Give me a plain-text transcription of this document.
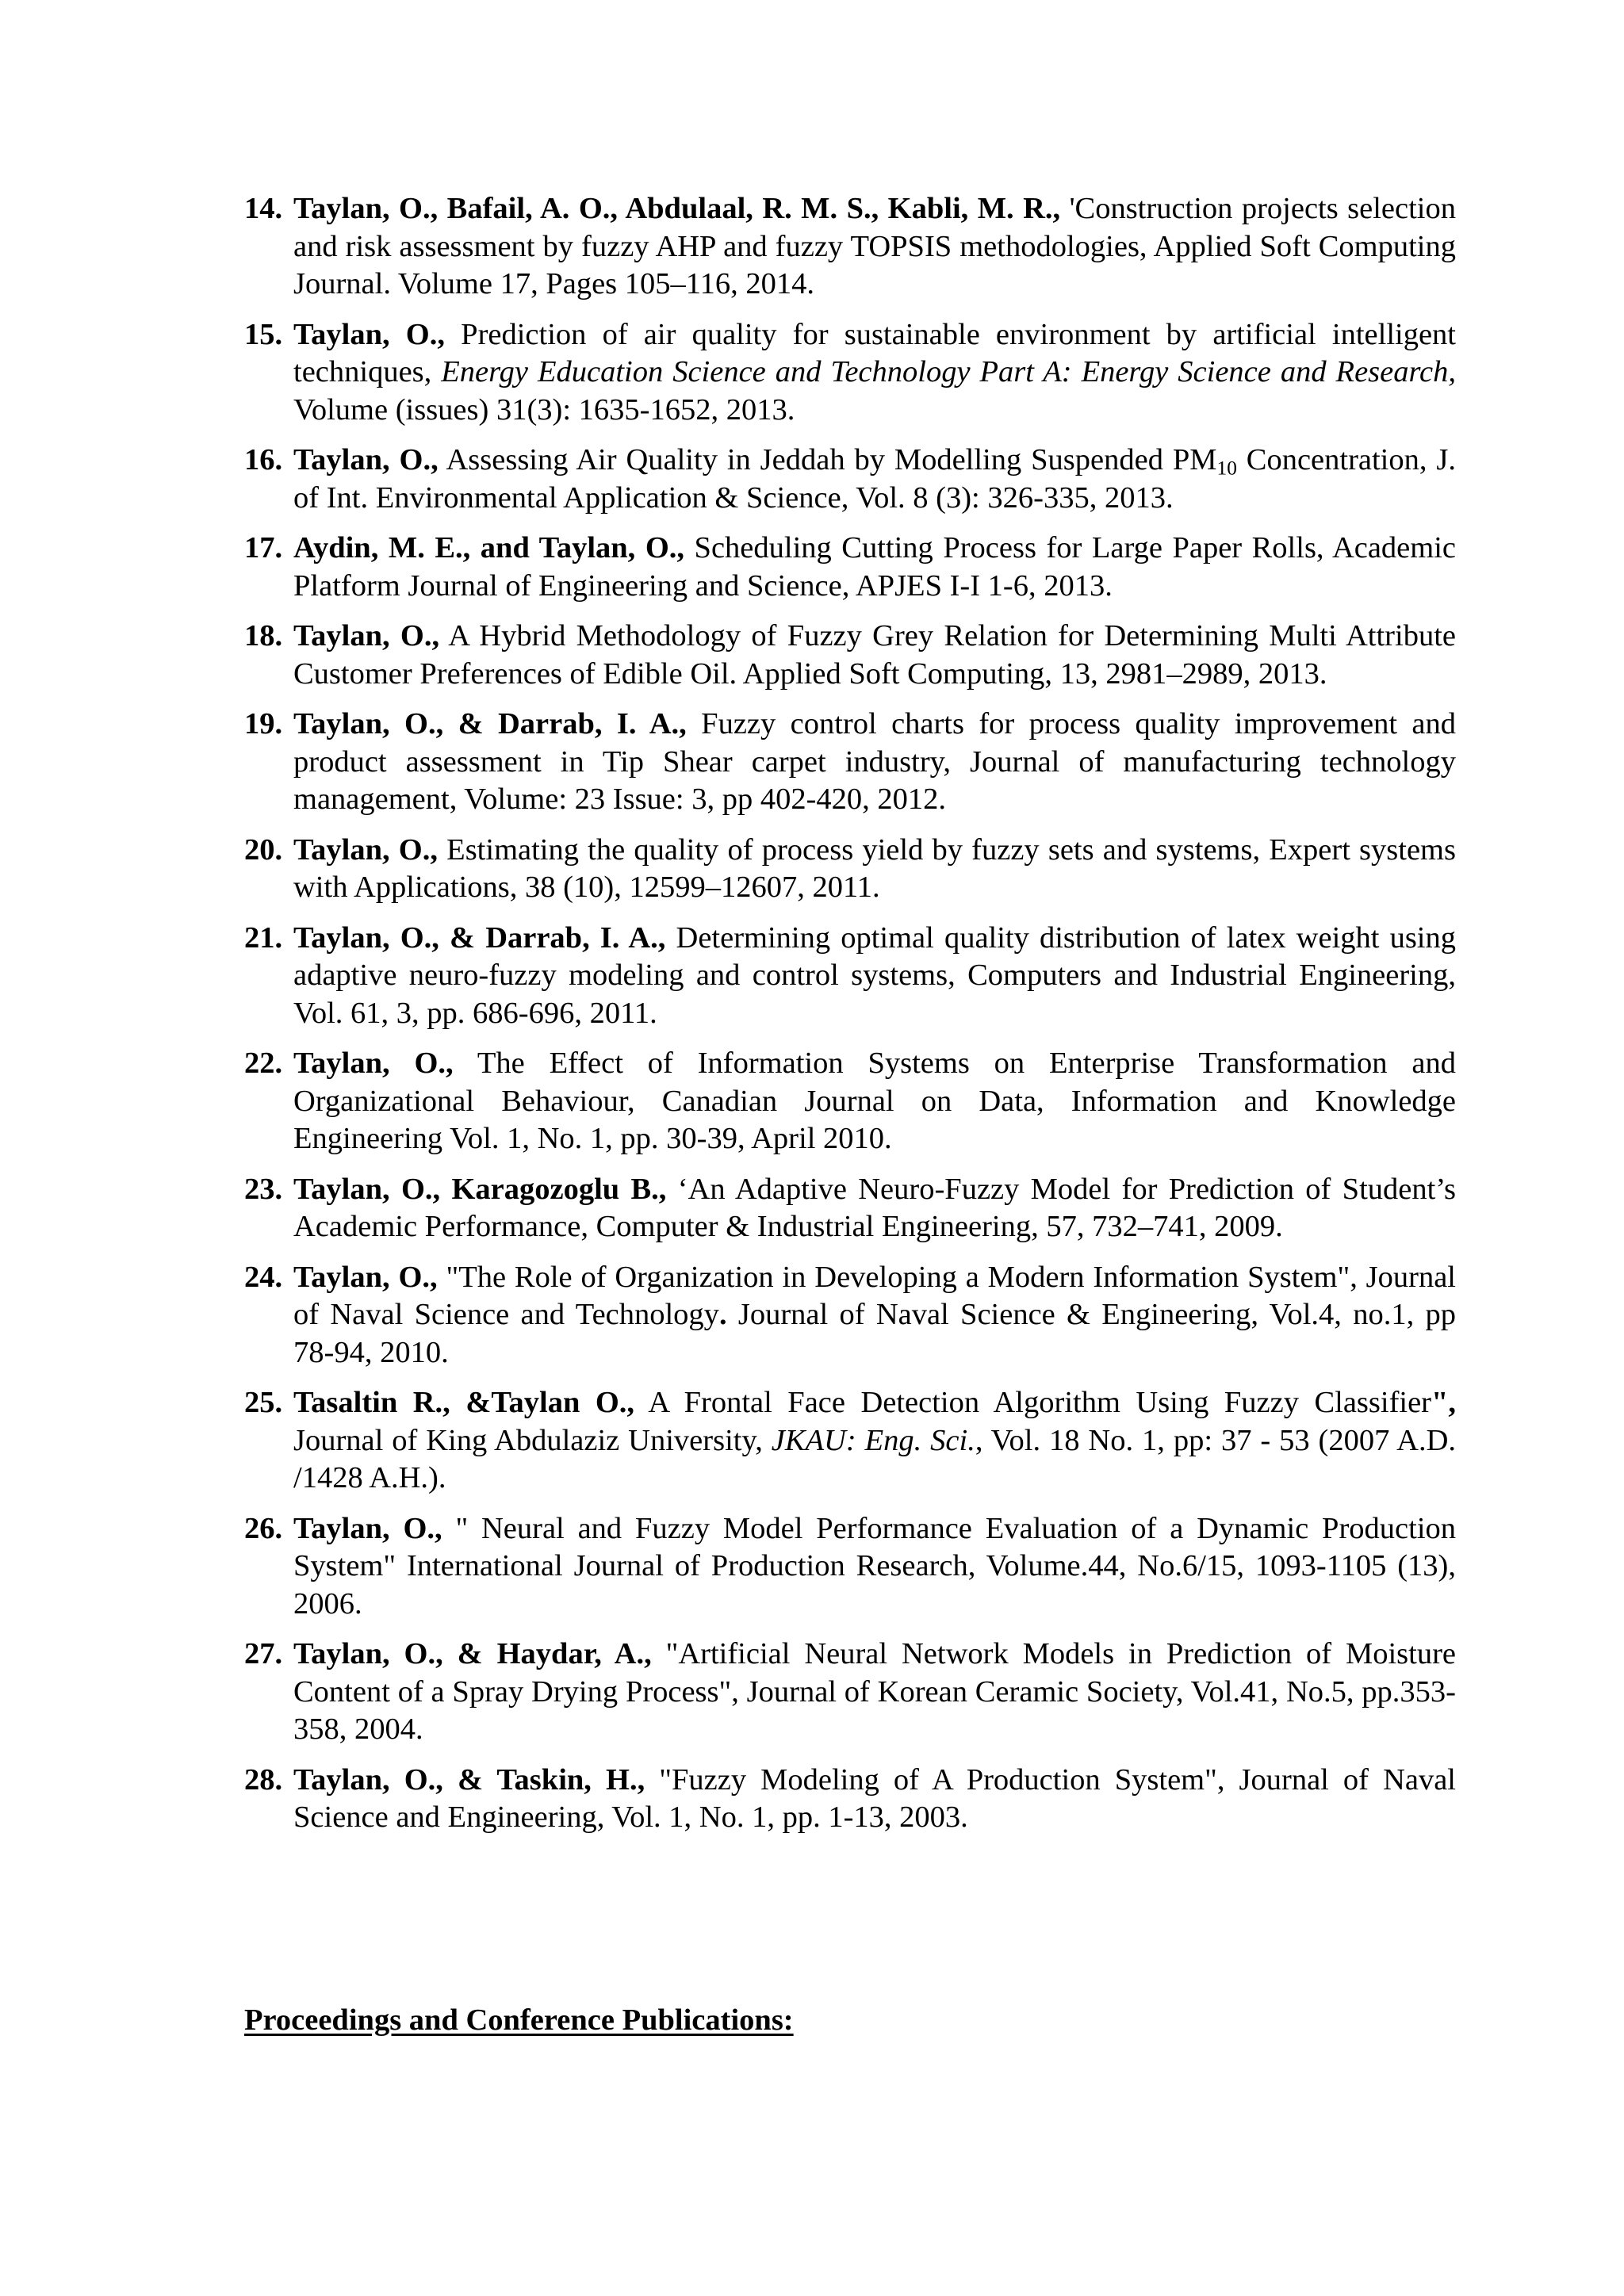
14. Taylan, O., Bafail, A. O., Abdulaal, R. M. S., Kabli, M. R., 'Construction projects selection and risk assessment by fuzzy AHP and fuzzy TOPSIS methodologies, Applied Soft Computing Journal. Volume 17, Pages 105–116, 2014.
15. Taylan, O., Prediction of air quality for sustainable environment by artificial intelligent techniques, Energy Education Science and Technology Part A: Energy Science and Research, Volume (issues) 31(3): 1635-1652, 2013.
16. Taylan, O., Assessing Air Quality in Jeddah by Modelling Suspended $PM_{10}$ Concentration, J. of Int. Environmental Application & Science, Vol. 8 (3): 326-335, 2013.
17. Aydin, M. E., and Taylan, O., Scheduling Cutting Process for Large Paper Rolls, Academic Platform Journal of Engineering and Science, APJES I-I 1-6, 2013.
18. Taylan, O., A Hybrid Methodology of Fuzzy Grey Relation for Determining Multi Attribute Customer Preferences of Edible Oil. Applied Soft Computing, 13, 2981–2989, 2013.
19. Taylan, O., & Darrab, I. A., Fuzzy control charts for process quality improvement and product assessment in Tip Shear carpet industry, Journal of manufacturing technology management, Volume: 23 Issue: 3, pp 402-420, 2012.
20. Taylan, O., Estimating the quality of process yield by fuzzy sets and systems, Expert systems with Applications, 38 (10), 12599–12607, 2011.
21. Taylan, O., & Darrab, I. A., Determining optimal quality distribution of latex weight using adaptive neuro-fuzzy modeling and control systems, Computers and Industrial Engineering, Vol. 61, 3, pp. 686-696, 2011.
22. Taylan, O., The Effect of Information Systems on Enterprise Transformation and Organizational Behaviour, Canadian Journal on Data, Information and Knowledge Engineering Vol. 1, No. 1, pp. 30-39, April 2010.
23. Taylan, O., Karagozoglu B., ‘An Adaptive Neuro-Fuzzy Model for Prediction of Student’s Academic Performance, Computer & Industrial Engineering, 57, 732–741, 2009.
24. Taylan, O., "The Role of Organization in Developing a Modern Information System", Journal of Naval Science and Technology. Journal of Naval Science & Engineering, Vol.4, no.1, pp 78-94, 2010.
25. Tasaltin R., &Taylan O., A Frontal Face Detection Algorithm Using Fuzzy Classifier", Journal of King Abdulaziz University, JKAU: Eng. Sci., Vol. 18 No. 1, pp: 37 - 53 (2007 A.D. /1428 A.H.).
26. Taylan, O., " Neural and Fuzzy Model Performance Evaluation of a Dynamic Production System" International Journal of Production Research, Volume.44, No.6/15, 1093-1105 (13), 2006.
27. Taylan, O., & Haydar, A., "Artificial Neural Network Models in Prediction of Moisture Content of a Spray Drying Process", Journal of Korean Ceramic Society, Vol.41, No.5, pp.353-358, 2004.
28. Taylan, O., & Taskin, H., "Fuzzy Modeling of A Production System", Journal of Naval Science and Engineering, Vol. 1, No. 1, pp. 1-13, 2003.
Proceedings and Conference Publications:
